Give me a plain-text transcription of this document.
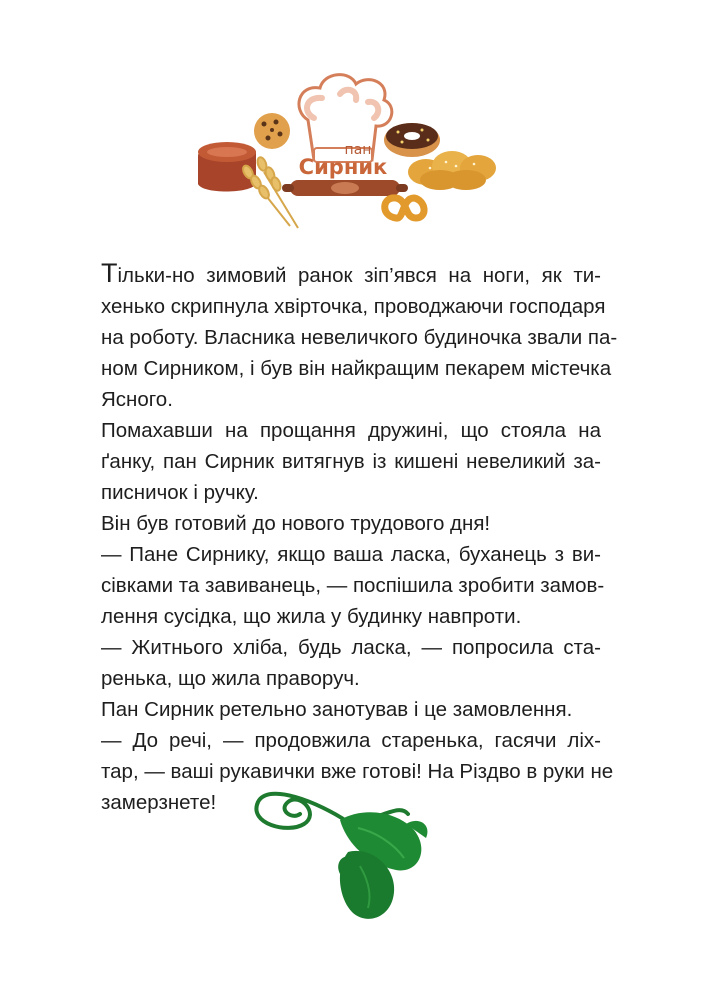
пан
Сирник

Тільки-но зимовий ранок зіп’явся на ноги, як ти-
хенько скрипнула хвірточка, проводжаючи господаря
на роботу. Власника невеличкого будиночка звали па-
ном Сирником, і був він найкращим пекарем містечка
Ясного.

Помахавши на прощання дружині, що стояла на
ґанку, пан Сирник витягнув із кишені невеликий за-
писничок і ручку.

Він був готовий до нового трудового дня!

— Пане Сирнику, якщо ваша ласка, буханець з ви-
сівками та завиванець, — поспішила зробити замов-
лення сусідка, що жила у будинку навпроти.

— Житнього хліба, будь ласка, — попросила ста-
ренька, що жила праворуч.

Пан Сирник ретельно занотував і це замовлення.

— До речі, — продовжила старенька, гасячи ліх-
тар, — ваші рукавички вже готові! На Різдво в руки не
замерзнете!
